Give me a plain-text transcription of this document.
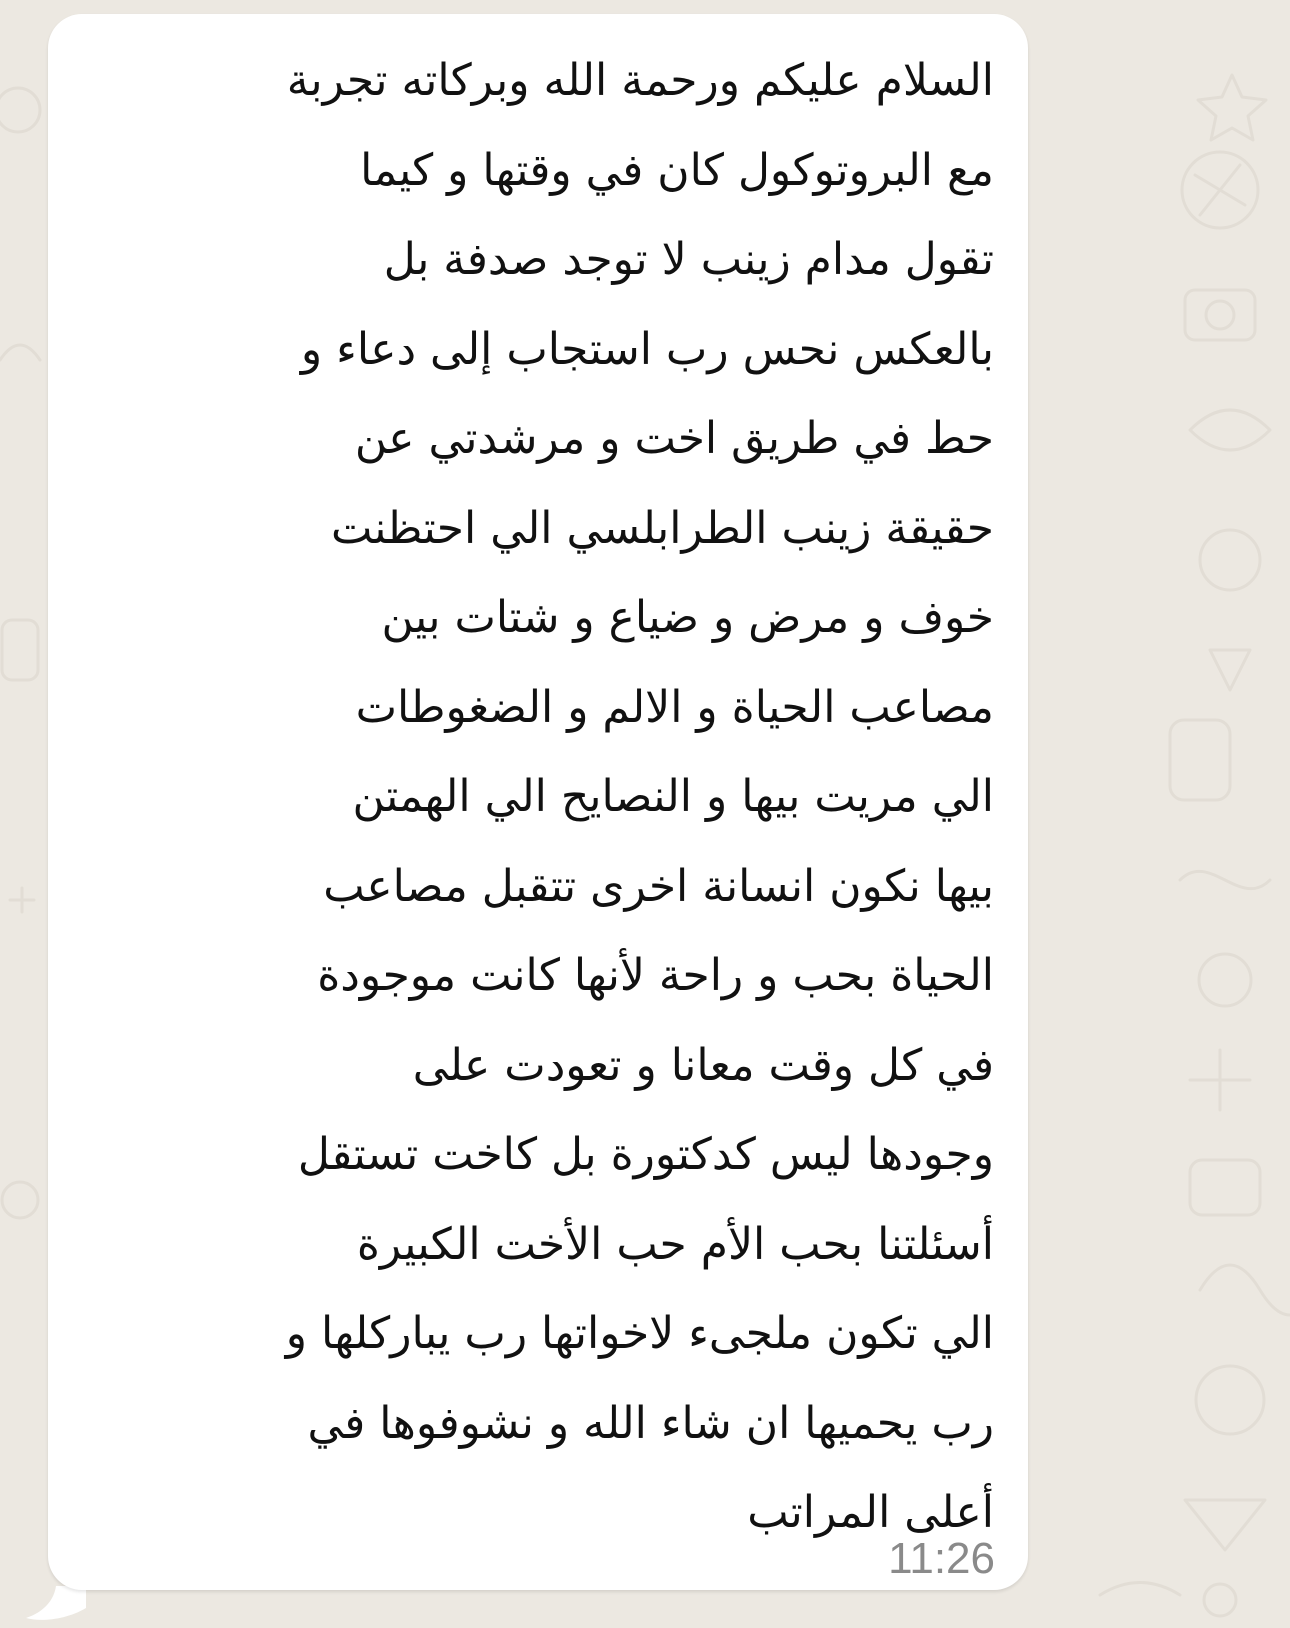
السلام عليكم ورحمة الله وبركاته تجربة
مع البروتوكول كان في وقتها و كيما
تقول مدام زينب لا توجد صدفة بل
بالعكس نحس رب استجاب إلى دعاء و
حط في طريق اخت و مرشدتي عن
حقيقة زينب الطرابلسي الي احتظنت
خوف و مرض و ضياع و شتات بين
مصاعب الحياة و الالم و الضغوطات
الي مريت بيها و النصايح الي الهمتن
بيها نكون انسانة اخرى تتقبل مصاعب
الحياة بحب و راحة لأنها كانت موجودة
في كل وقت معانا و تعودت على
وجودها ليس كدكتورة بل كاخت تستقل
أسئلتنا بحب الأم حب الأخت الكبيرة
الي تكون ملجىء لاخواتها رب يباركلها و
رب يحميها ان شاء الله و نشوفوها في
أعلى المراتب
11:26
